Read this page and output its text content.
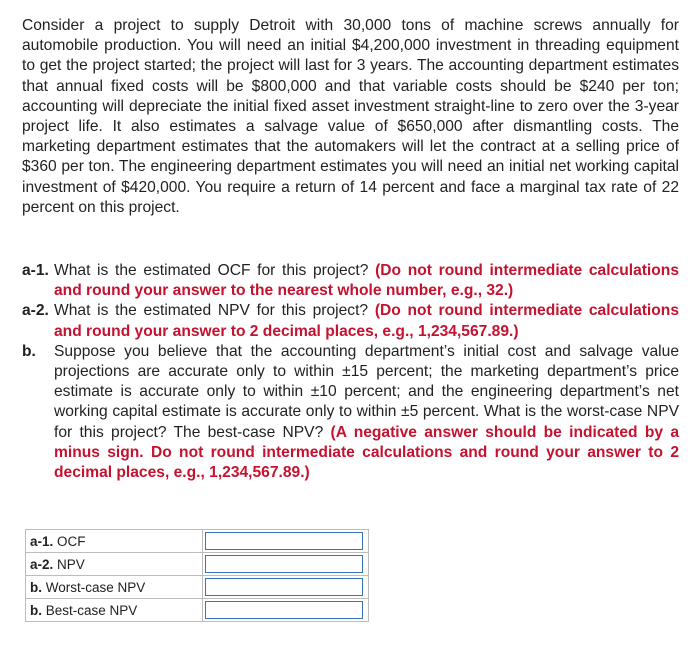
Consider a project to supply Detroit with 30,000 tons of machine screws annually for automobile production. You will need an initial $4,200,000 investment in threading equipment to get the project started; the project will last for 3 years. The accounting department estimates that annual fixed costs will be $800,000 and that variable costs should be $240 per ton; accounting will depreciate the initial fixed asset investment straight-line to zero over the 3-year project life. It also estimates a salvage value of $650,000 after dismantling costs. The marketing department estimates that the automakers will let the contract at a selling price of $360 per ton. The engineering department estimates you will need an initial net working capital investment of $420,000. You require a return of 14 percent and face a marginal tax rate of 22 percent on this project.

a-1. What is the estimated OCF for this project? (Do not round intermediate calculations and round your answer to the nearest whole number, e.g., 32.)
a-2. What is the estimated NPV for this project? (Do not round intermediate calculations and round your answer to 2 decimal places, e.g., 1,234,567.89.)
b.	Suppose you believe that the accounting department’s initial cost and salvage value projections are accurate only to within ±15 percent; the marketing department’s price estimate is accurate only to within ±10 percent; and the engineering department’s net working capital estimate is accurate only to within ±5 percent. What is the worst-case NPV for this project? The best-case NPV? (A negative answer should be indicated by a minus sign. Do not round intermediate calculations and round your answer to 2 decimal places, e.g., 1,234,567.89.)
a-1. OCF	
a-2. NPV	
b. Worst-case NPV	
b. Best-case NPV	
